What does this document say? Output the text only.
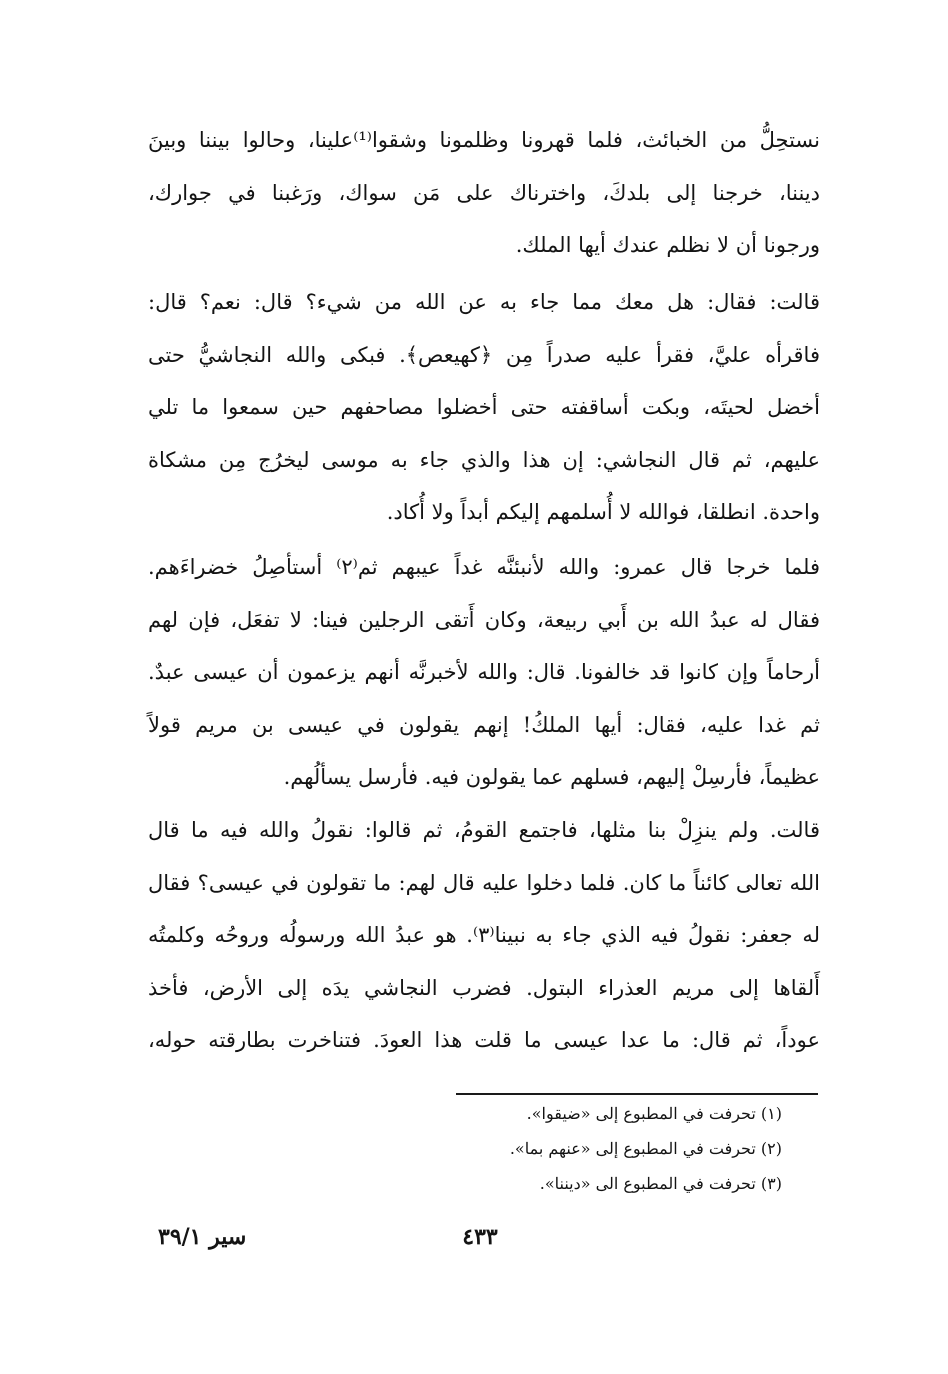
نستحِلُّ من الخبائث، فلما قهرونا وظلمونا وشقوا⁽¹⁾علينا، وحالوا بيننا وبينَ
ديننا، خرجنا إلى بلدكَ، واخترناك على مَن سواك، ورَغبنا في جوارك،
ورجونا أن لا نظلم عندك أيها الملك.
قالت: فقال: هل معك مما جاء به عن الله من شيء؟ قال: نعم؟ قال:
فاقرأه عليَّ، فقرأ عليه صدراً مِن ﴿كهيعص﴾. فبكى والله النجاشيُّ حتى
أخضل لحيتَه، وبكت أساقفته حتى أخضلوا مصاحفهم حين سمعوا ما تلي
عليهم، ثم قال النجاشي: إن هذا والذي جاء به موسى ليخرُج مِن مشكاة
واحدة. انطلقا، فوالله لا أُسلمهم إليكم أبداً ولا أُكاد.
فلما خرجا قال عمرو: والله لأنبئنَّه غداً عيبهم ثم⁽٢⁾ أستأصِلُ خضراءَهم.
فقال له عبدُ الله بن أَبي ربيعة، وكان أَتقى الرجلين فينا: لا تفعَل، فإن لهم
أرحاماً وإن كانوا قد خالفونا. قال: والله لأخبرنَّه أنهم يزعمون أن عيسى عبدٌ.
ثم غدا عليه، فقال: أيها الملكُ! إنهم يقولون في عيسى بن مريم قولاً
عظيماً، فأرسِلْ إليهم، فسلهم عما يقولون فيه. فأرسل يسألُهم.
قالت. ولم ينزِلْ بنا مثلها، فاجتمع القومُ، ثم قالوا: نقولُ والله فيه ما قال
الله تعالى كائناً ما كان. فلما دخلوا عليه قال لهم: ما تقولون في عيسى؟ فقال
له جعفر: نقولُ فيه الذي جاء به نبينا⁽٣⁾. هو عبدُ الله ورسولُه وروحُه وكلمتُه
أَلقاها إلى مريم العذراء البتول. فضرب النجاشي يدَه إلى الأرض، فأخذ
عوداً، ثم قال: ما عدا عيسى ما قلت هذا العودَ. فتناخرت بطارقته حوله،
(١) تحرفت في المطبوع إلى «ضيقوا».
(٢) تحرفت في المطبوع إلى «عنهم بما».
(٣) تحرفت في المطبوع الى «ديننا».
٤٣٣
سير ٣٩/١
